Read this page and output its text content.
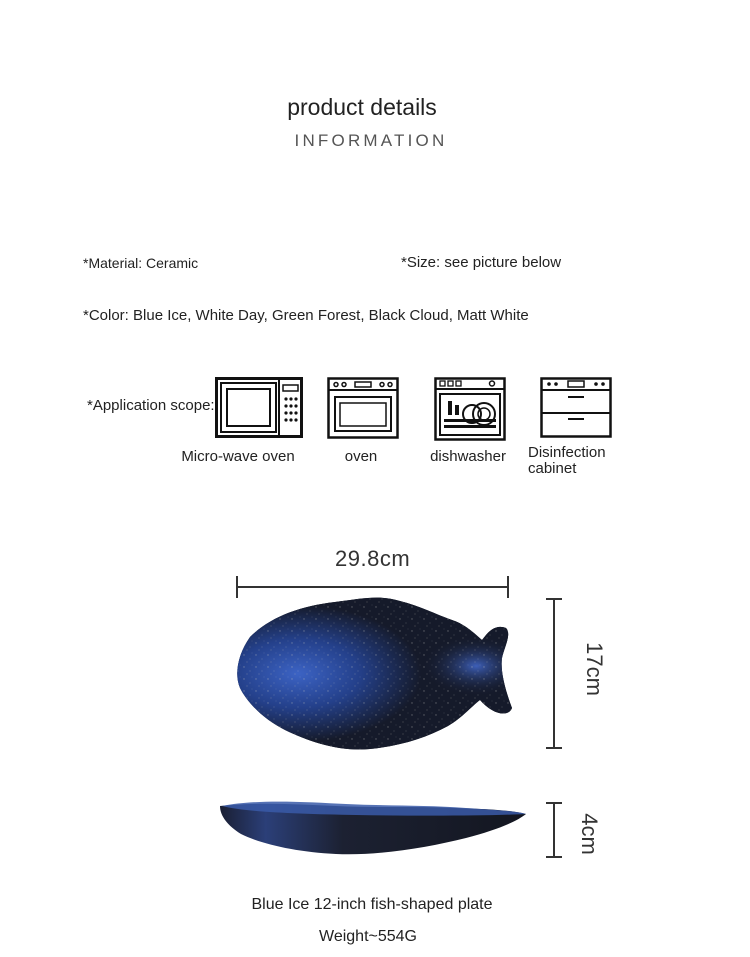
product details
INFORMATION
*Material: Ceramic	*Size: see picture below
*Color: Blue Ice, White Day, Green Forest, Black Cloud, Matt White
*Application scope:
Micro-wave oven	oven	dishwasher	Disinfection cabinet
29.8cm
17cm
4cm
Blue Ice 12-inch fish-shaped plate
Weight~554G
